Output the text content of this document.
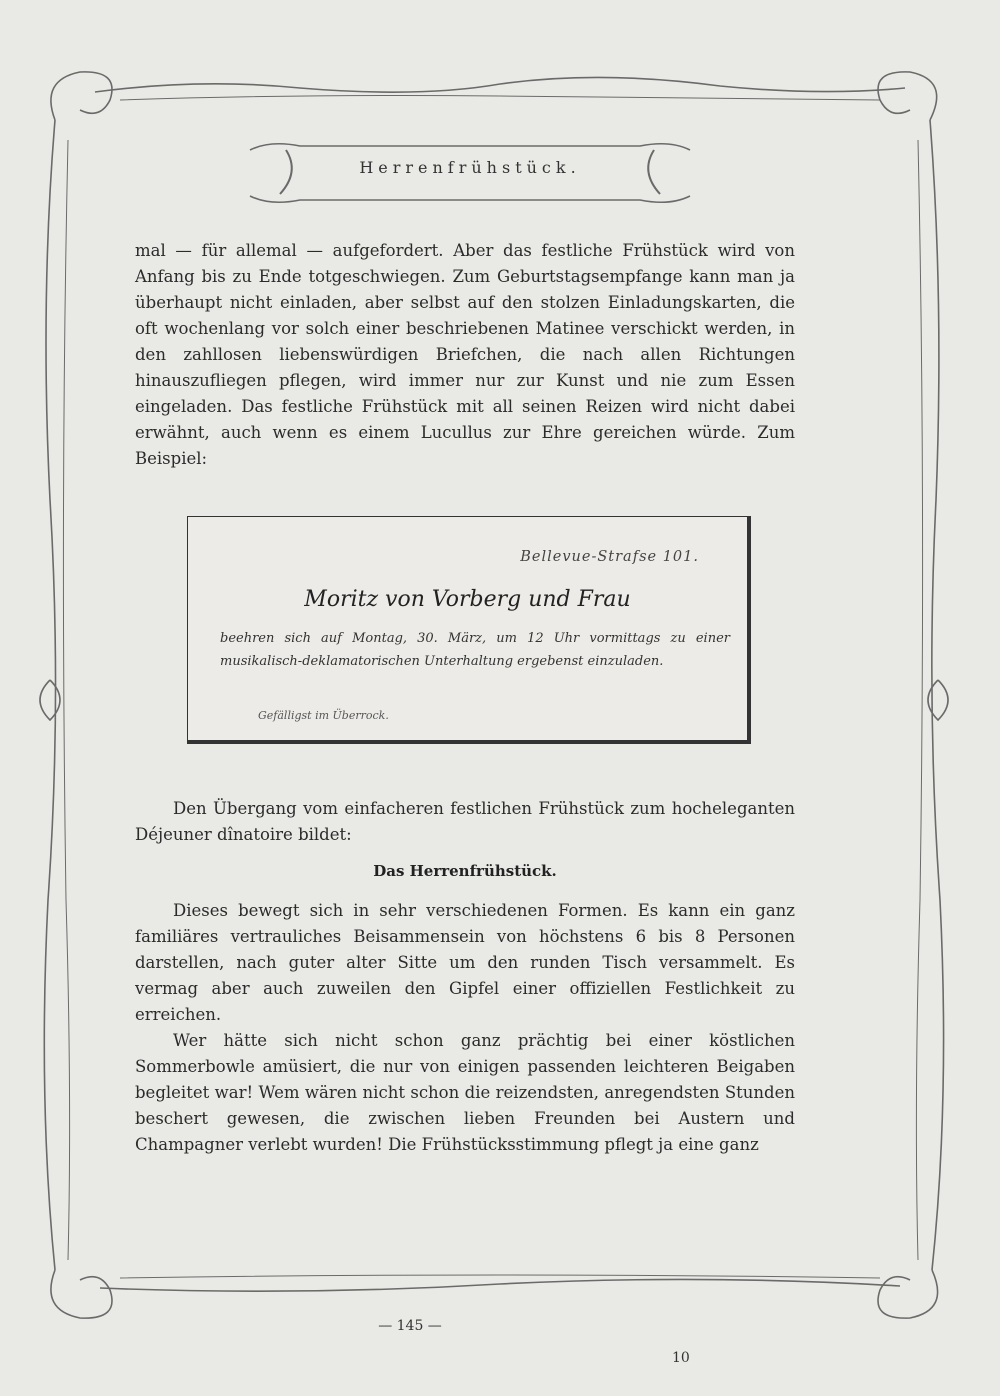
Herrenfrühstück.

mal — für allemal — aufgefordert. Aber das festliche Frühstück wird von Anfang bis zu Ende totgeschwiegen. Zum Geburtstagsempfange kann man ja überhaupt nicht einladen, aber selbst auf den stolzen Einladungskarten, die oft wochenlang vor solch einer beschriebenen Matinee verschickt werden, in den zahllosen liebenswürdigen Briefchen, die nach allen Richtungen hinauszufliegen pflegen, wird immer nur zur Kunst und nie zum Essen eingeladen. Das festliche Frühstück mit all seinen Reizen wird nicht dabei erwähnt, auch wenn es einem Lucullus zur Ehre gereichen würde. Zum Beispiel:

Bellevue-Strafse 101.
Moritz von Vorberg und Frau
beehren sich auf Montag, 30. März, um 12 Uhr vormittags zu einer musikalisch-deklamatorischen Unterhaltung ergebenst einzuladen.
Gefälligst im Überrock.

Den Übergang vom einfacheren festlichen Frühstück zum hocheleganten Déjeuner dînatoire bildet:

Das Herrenfrühstück.

Dieses bewegt sich in sehr verschiedenen Formen. Es kann ein ganz familiäres vertrauliches Beisammensein von höchstens 6 bis 8 Personen darstellen, nach guter alter Sitte um den runden Tisch versammelt. Es vermag aber auch zuweilen den Gipfel einer offiziellen Festlichkeit zu erreichen.

Wer hätte sich nicht schon ganz prächtig bei einer köstlichen Sommerbowle amüsiert, die nur von einigen passenden leichteren Beigaben begleitet war! Wem wären nicht schon die reizendsten, anregendsten Stunden beschert gewesen, die zwischen lieben Freunden bei Austern und Champagner verlebt wurden! Die Frühstücksstimmung pflegt ja eine ganz

— 145 —
10
